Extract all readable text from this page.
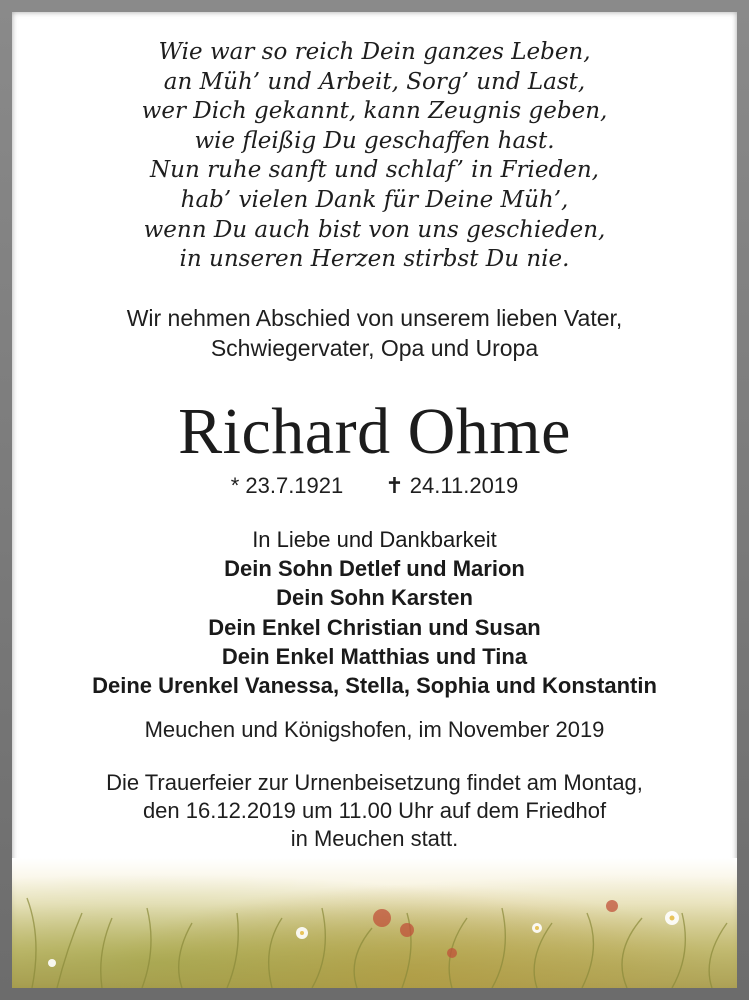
Wie war so reich Dein ganzes Leben,
an Müh’ und Arbeit, Sorg’ und Last,
wer Dich gekannt, kann Zeugnis geben,
wie fleißig Du geschaffen hast.
Nun ruhe sanft und schlaf’ in Frieden,
hab’ vielen Dank für Deine Müh’,
wenn Du auch bist von uns geschieden,
in unseren Herzen stirbst Du nie.
Wir nehmen Abschied von unserem lieben Vater,
Schwiegervater, Opa und Uropa
Richard Ohme
* 23.7.1921 ✝ 24.11.2019
In Liebe und Dankbarkeit
Dein Sohn Detlef und Marion
Dein Sohn Karsten
Dein Enkel Christian und Susan
Dein Enkel Matthias und Tina
Deine Urenkel Vanessa, Stella, Sophia und Konstantin
Meuchen und Königshofen, im November 2019
Die Trauerfeier zur Urnenbeisetzung findet am Montag,
den 16.12.2019 um 11.00 Uhr auf dem Friedhof
in Meuchen statt.
